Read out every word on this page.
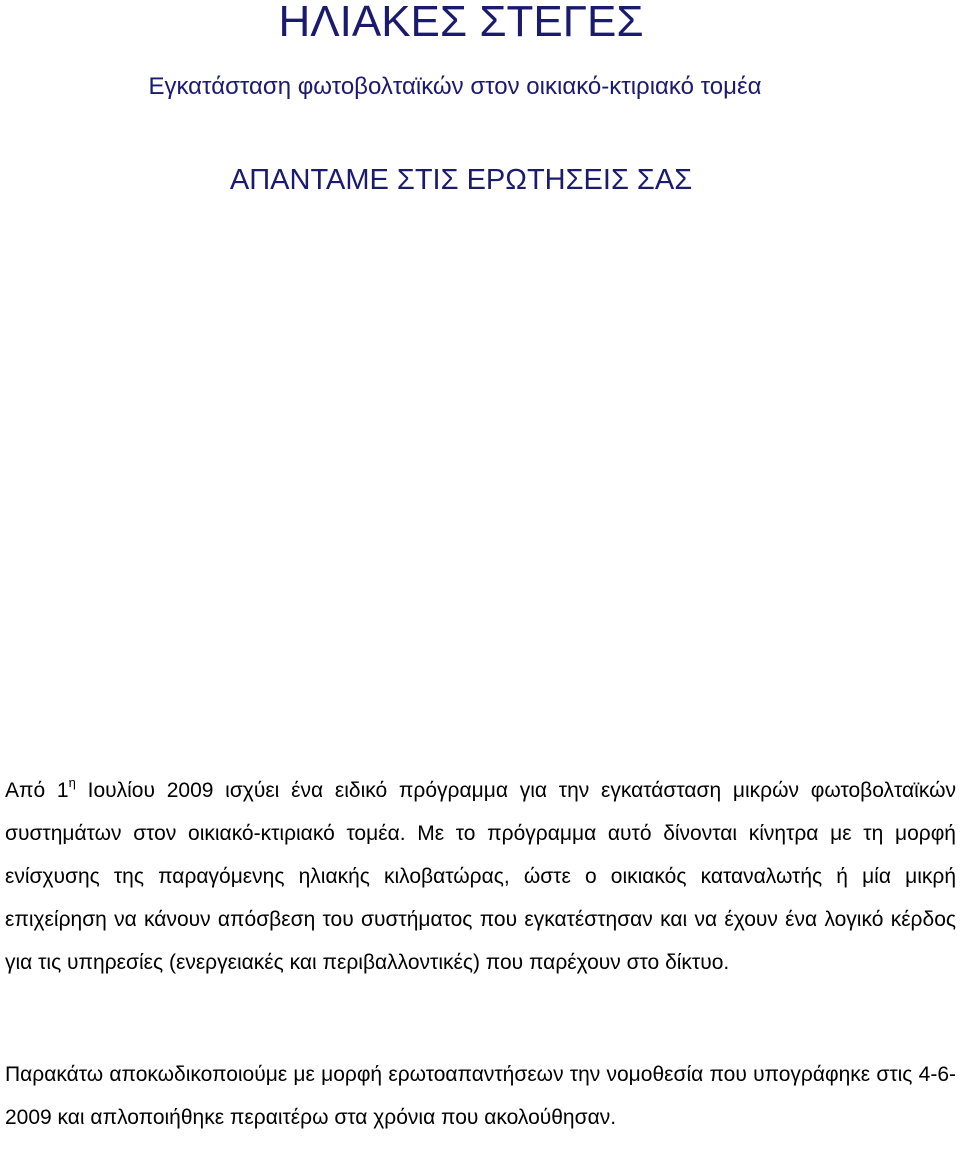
ΗΛΙΑΚΕΣ ΣΤΕΓΕΣ

Εγκατάσταση φωτοβολταϊκών στον οικιακό-κτιριακό τομέα

ΑΠΑΝΤΑΜΕ ΣΤΙΣ ΕΡΩΤΗΣΕΙΣ ΣΑΣ

Από $1^\eta$ Ιουλίου 2009 ισχύει ένα ειδικό πρόγραμμα για την εγκατάσταση μικρών φωτοβολταϊκών συστημάτων στον οικιακό-κτιριακό τομέα. Με το πρόγραμμα αυτό δίνονται κίνητρα με τη μορφή ενίσχυσης της παραγόμενης ηλιακής κιλοβατώρας, ώστε ο οικιακός καταναλωτής ή μία μικρή επιχείρηση να κάνουν απόσβεση του συστήματος που εγκατέστησαν και να έχουν ένα λογικό κέρδος για τις υπηρεσίες (ενεργειακές και περιβαλλοντικές) που παρέχουν στο δίκτυο.

Παρακάτω αποκωδικοποιούμε με μορφή ερωτοαπαντήσεων την νομοθεσία που υπογράφηκε στις 4-6-2009 και απλοποιήθηκε περαιτέρω στα χρόνια που ακολούθησαν.
